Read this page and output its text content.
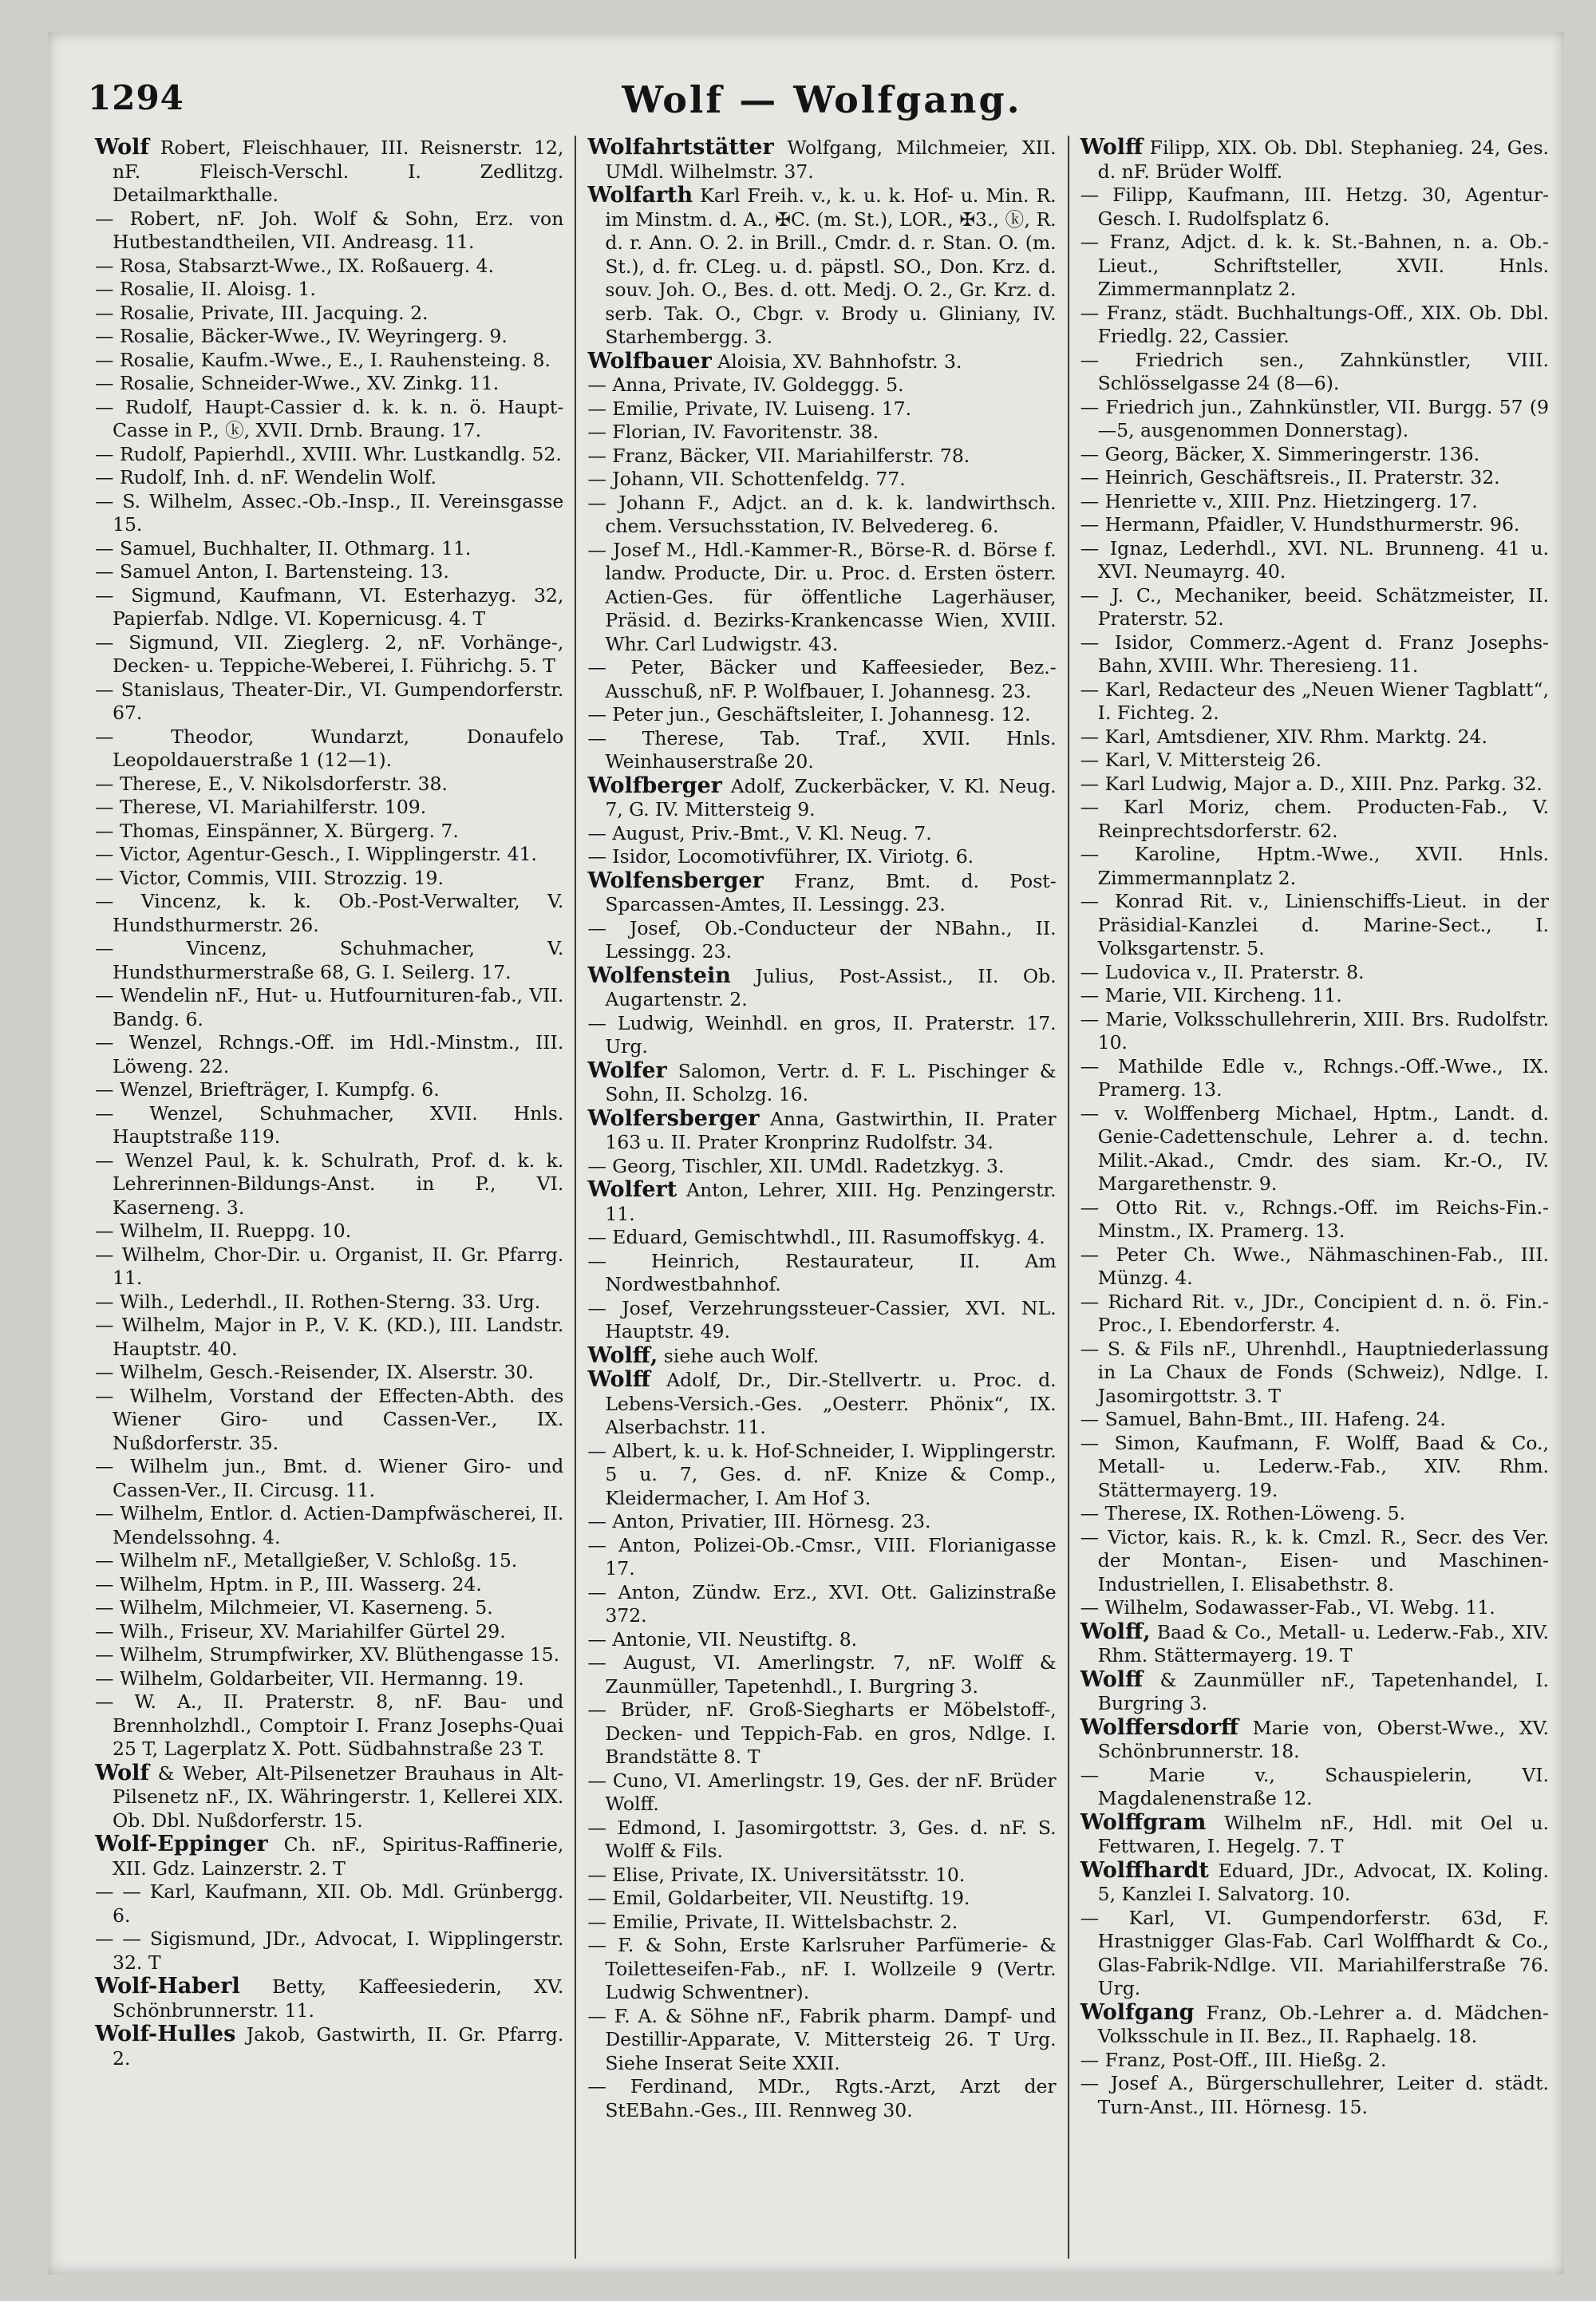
1294	Wolf — Wolfgang.

Wolf Robert, Fleischhauer, III. Reisnerstr. 12, nF. Fleisch-Verschl. I. Zedlitzg. Detailmarkthalle.

— Robert, nF. Joh. Wolf & Sohn, Erz. von Hutbestandtheilen, VII. Andreasg. 11.

— Rosa, Stabsarzt-Wwe., IX. Roßauerg. 4.

— Rosalie, II. Aloisg. 1.

— Rosalie, Private, III. Jacquing. 2.

— Rosalie, Bäcker-Wwe., IV. Weyringerg. 9.

— Rosalie, Kaufm.-Wwe., E., I. Rauhensteing. 8.

— Rosalie, Schneider-Wwe., XV. Zinkg. 11.

— Rudolf, Haupt-Cassier d. k. k. n. ö. Haupt-Casse in P., ⓚ, XVII. Drnb. Braung. 17.

— Rudolf, Papierhdl., XVIII. Whr. Lustkandlg. 52.

— Rudolf, Inh. d. nF. Wendelin Wolf.

— S. Wilhelm, Assec.-Ob.-Insp., II. Vereinsgasse 15.

— Samuel, Buchhalter, II. Othmarg. 11.

— Samuel Anton, I. Bartensteing. 13.

— Sigmund, Kaufmann, VI. Esterhazyg. 32, Papierfab. Ndlge. VI. Kopernicusg. 4. T

— Sigmund, VII. Zieglerg. 2, nF. Vorhänge-, Decken- u. Teppiche-Weberei, I. Führichg. 5. T

— Stanislaus, Theater-Dir., VI. Gumpendorferstr. 67.

— Theodor, Wundarzt, Donaufelo Leopoldauerstraße 1 (12—1).

— Therese, E., V. Nikolsdorferstr. 38.

— Therese, VI. Mariahilferstr. 109.

— Thomas, Einspänner, X. Bürgerg. 7.

— Victor, Agentur-Gesch., I. Wipplingerstr. 41.

— Victor, Commis, VIII. Strozzig. 19.

— Vincenz, k. k. Ob.-Post-Verwalter, V. Hundsthurmerstr. 26.

— Vincenz, Schuhmacher, V. Hundsthurmerstraße 68, G. I. Seilerg. 17.

— Wendelin nF., Hut- u. Hutfournituren-fab., VII. Bandg. 6.

— Wenzel, Rchngs.-Off. im Hdl.-Minstm., III. Löweng. 22.

— Wenzel, Briefträger, I. Kumpfg. 6.

— Wenzel, Schuhmacher, XVII. Hnls. Hauptstraße 119.

— Wenzel Paul, k. k. Schulrath, Prof. d. k. k. Lehrerinnen-Bildungs-Anst. in P., VI. Kaserneng. 3.

— Wilhelm, II. Rueppg. 10.

— Wilhelm, Chor-Dir. u. Organist, II. Gr. Pfarrg. 11.

— Wilh., Lederhdl., II. Rothen-Sterng. 33. Urg.

— Wilhelm, Major in P., V. K. (KD.), III. Landstr. Hauptstr. 40.

— Wilhelm, Gesch.-Reisender, IX. Alserstr. 30.

— Wilhelm, Vorstand der Effecten-Abth. des Wiener Giro- und Cassen-Ver., IX. Nußdorferstr. 35.

— Wilhelm jun., Bmt. d. Wiener Giro- und Cassen-Ver., II. Circusg. 11.

— Wilhelm, Entlor. d. Actien-Dampfwäscherei, II. Mendelssohng. 4.

— Wilhelm nF., Metallgießer, V. Schloßg. 15.

— Wilhelm, Hptm. in P., III. Wasserg. 24.

— Wilhelm, Milchmeier, VI. Kaserneng. 5.

— Wilh., Friseur, XV. Mariahilfer Gürtel 29.

— Wilhelm, Strumpfwirker, XV. Blüthengasse 15.

— Wilhelm, Goldarbeiter, VII. Hermanng. 19.

— W. A., II. Praterstr. 8, nF. Bau- und Brennholzhdl., Comptoir I. Franz Josephs-Quai 25 T, Lagerplatz X. Pott. Südbahnstraße 23 T.

Wolf & Weber, Alt-Pilsenetzer Brauhaus in Alt-Pilsenetz nF., IX. Währingerstr. 1, Kellerei XIX. Ob. Dbl. Nußdorferstr. 15.

Wolf-Eppinger Ch. nF., Spiritus-Raffinerie, XII. Gdz. Lainzerstr. 2. T

— — Karl, Kaufmann, XII. Ob. Mdl. Grünbergg. 6.

— — Sigismund, JDr., Advocat, I. Wipplingerstr. 32. T

Wolf-Haberl Betty, Kaffeesiederin, XV. Schönbrunnerstr. 11.

Wolf-Hulles Jakob, Gastwirth, II. Gr. Pfarrg. 2.

Wolfahrtstätter Wolfgang, Milchmeier, XII. UMdl. Wilhelmstr. 37.

Wolfarth Karl Freih. v., k. u. k. Hof- u. Min. R. im Minstm. d. A., ✠C. (m. St.), LOR., ✠3., ⓚ, R. d. r. Ann. O. 2. in Brill., Cmdr. d. r. Stan. O. (m. St.), d. fr. CLeg. u. d. päpstl. SO., Don. Krz. d. souv. Joh. O., Bes. d. ott. Medj. O. 2., Gr. Krz. d. serb. Tak. O., Cbgr. v. Brody u. Gliniany, IV. Starhembergg. 3.

Wolfbauer Aloisia, XV. Bahnhofstr. 3.

— Anna, Private, IV. Goldeggg. 5.

— Emilie, Private, IV. Luiseng. 17.

— Florian, IV. Favoritenstr. 38.

— Franz, Bäcker, VII. Mariahilferstr. 78.

— Johann, VII. Schottenfeldg. 77.

— Johann F., Adjct. an d. k. k. landwirthsch. chem. Versuchsstation, IV. Belvedereg. 6.

— Josef M., Hdl.-Kammer-R., Börse-R. d. Börse f. landw. Producte, Dir. u. Proc. d. Ersten österr. Actien-Ges. für öffentliche Lagerhäuser, Präsid. d. Bezirks-Krankencasse Wien, XVIII. Whr. Carl Ludwigstr. 43.

— Peter, Bäcker und Kaffeesieder, Bez.-Ausschuß, nF. P. Wolfbauer, I. Johannesg. 23.

— Peter jun., Geschäftsleiter, I. Johannesg. 12.

— Therese, Tab. Traf., XVII. Hnls. Weinhauserstraße 20.

Wolfberger Adolf, Zuckerbäcker, V. Kl. Neug. 7, G. IV. Mittersteig 9.

— August, Priv.-Bmt., V. Kl. Neug. 7.

— Isidor, Locomotivführer, IX. Viriotg. 6.

Wolfensberger Franz, Bmt. d. Post-Sparcassen-Amtes, II. Lessingg. 23.

— Josef, Ob.-Conducteur der NBahn., II. Lessingg. 23.

Wolfenstein Julius, Post-Assist., II. Ob. Augartenstr. 2.

— Ludwig, Weinhdl. en gros, II. Praterstr. 17. Urg.

Wolfer Salomon, Vertr. d. F. L. Pischinger & Sohn, II. Scholzg. 16.

Wolfersberger Anna, Gastwirthin, II. Prater 163 u. II. Prater Kronprinz Rudolfstr. 34.

— Georg, Tischler, XII. UMdl. Radetzkyg. 3.

Wolfert Anton, Lehrer, XIII. Hg. Penzingerstr. 11.

— Eduard, Gemischtwhdl., III. Rasumoffskyg. 4.

— Heinrich, Restaurateur, II. Am Nordwestbahnhof.

— Josef, Verzehrungssteuer-Cassier, XVI. NL. Hauptstr. 49.

Wolff, siehe auch Wolf.

Wolff Adolf, Dr., Dir.-Stellvertr. u. Proc. d. Lebens-Versich.-Ges. „Oesterr. Phönix“, IX. Alserbachstr. 11.

— Albert, k. u. k. Hof-Schneider, I. Wipplingerstr. 5 u. 7, Ges. d. nF. Knize & Comp., Kleidermacher, I. Am Hof 3.

— Anton, Privatier, III. Hörnesg. 23.

— Anton, Polizei-Ob.-Cmsr., VIII. Florianigasse 17.

— Anton, Zündw. Erz., XVI. Ott. Galizinstraße 372.

— Antonie, VII. Neustiftg. 8.

— August, VI. Amerlingstr. 7, nF. Wolff & Zaunmüller, Tapetenhdl., I. Burgring 3.

— Brüder, nF. Groß-Siegharts er Möbelstoff-, Decken- und Teppich-Fab. en gros, Ndlge. I. Brandstätte 8. T

— Cuno, VI. Amerlingstr. 19, Ges. der nF. Brüder Wolff.

— Edmond, I. Jasomirgottstr. 3, Ges. d. nF. S. Wolff & Fils.

— Elise, Private, IX. Universitätsstr. 10.

— Emil, Goldarbeiter, VII. Neustiftg. 19.

— Emilie, Private, II. Wittelsbachstr. 2.

— F. & Sohn, Erste Karlsruher Parfümerie- & Toiletteseifen-Fab., nF. I. Wollzeile 9 (Vertr. Ludwig Schwentner).

— F. A. & Söhne nF., Fabrik pharm. Dampf- und Destillir-Apparate, V. Mittersteig 26. T Urg. Siehe Inserat Seite XXII.

— Ferdinand, MDr., Rgts.-Arzt, Arzt der StEBahn.-Ges., III. Rennweg 30.

Wolff Filipp, XIX. Ob. Dbl. Stephanieg. 24, Ges. d. nF. Brüder Wolff.

— Filipp, Kaufmann, III. Hetzg. 30, Agentur-Gesch. I. Rudolfsplatz 6.

— Franz, Adjct. d. k. k. St.-Bahnen, n. a. Ob.-Lieut., Schriftsteller, XVII. Hnls. Zimmermannplatz 2.

— Franz, städt. Buchhaltungs-Off., XIX. Ob. Dbl. Friedlg. 22, Cassier.

— Friedrich sen., Zahnkünstler, VIII. Schlösselgasse 24 (8—6).

— Friedrich jun., Zahnkünstler, VII. Burgg. 57 (9—5, ausgenommen Donnerstag).

— Georg, Bäcker, X. Simmeringerstr. 136.

— Heinrich, Geschäftsreis., II. Praterstr. 32.

— Henriette v., XIII. Pnz. Hietzingerg. 17.

— Hermann, Pfaidler, V. Hundsthurmerstr. 96.

— Ignaz, Lederhdl., XVI. NL. Brunneng. 41 u. XVI. Neumayrg. 40.

— J. C., Mechaniker, beeid. Schätzmeister, II. Praterstr. 52.

— Isidor, Commerz.-Agent d. Franz Josephs-Bahn, XVIII. Whr. Theresieng. 11.

— Karl, Redacteur des „Neuen Wiener Tagblatt“, I. Fichteg. 2.

— Karl, Amtsdiener, XIV. Rhm. Marktg. 24.

— Karl, V. Mittersteig 26.

— Karl Ludwig, Major a. D., XIII. Pnz. Parkg. 32.

— Karl Moriz, chem. Producten-Fab., V. Reinprechtsdorferstr. 62.

— Karoline, Hptm.-Wwe., XVII. Hnls. Zimmermannplatz 2.

— Konrad Rit. v., Linienschiffs-Lieut. in der Präsidial-Kanzlei d. Marine-Sect., I. Volksgartenstr. 5.

— Ludovica v., II. Praterstr. 8.

— Marie, VII. Kircheng. 11.

— Marie, Volksschullehrerin, XIII. Brs. Rudolfstr. 10.

— Mathilde Edle v., Rchngs.-Off.-Wwe., IX. Pramerg. 13.

— v. Wolffenberg Michael, Hptm., Landt. d. Genie-Cadettenschule, Lehrer a. d. techn. Milit.-Akad., Cmdr. des siam. Kr.-O., IV. Margarethenstr. 9.

— Otto Rit. v., Rchngs.-Off. im Reichs-Fin.-Minstm., IX. Pramerg. 13.

— Peter Ch. Wwe., Nähmaschinen-Fab., III. Münzg. 4.

— Richard Rit. v., JDr., Concipient d. n. ö. Fin.-Proc., I. Ebendorferstr. 4.

— S. & Fils nF., Uhrenhdl., Hauptniederlassung in La Chaux de Fonds (Schweiz), Ndlge. I. Jasomirgottstr. 3. T

— Samuel, Bahn-Bmt., III. Hafeng. 24.

— Simon, Kaufmann, F. Wolff, Baad & Co., Metall- u. Lederw.-Fab., XIV. Rhm. Stättermayerg. 19.

— Therese, IX. Rothen-Löweng. 5.

— Victor, kais. R., k. k. Cmzl. R., Secr. des Ver. der Montan-, Eisen- und Maschinen-Industriellen, I. Elisabethstr. 8.

— Wilhelm, Sodawasser-Fab., VI. Webg. 11.

Wolff, Baad & Co., Metall- u. Lederw.-Fab., XIV. Rhm. Stättermayerg. 19. T

Wolff & Zaunmüller nF., Tapetenhandel, I. Burgring 3.

Wolffersdorff Marie von, Oberst-Wwe., XV. Schönbrunnerstr. 18.

— Marie v., Schauspielerin, VI. Magdalenenstraße 12.

Wolffgram Wilhelm nF., Hdl. mit Oel u. Fettwaren, I. Hegelg. 7. T

Wolffhardt Eduard, JDr., Advocat, IX. Koling. 5, Kanzlei I. Salvatorg. 10.

— Karl, VI. Gumpendorferstr. 63d, F. Hrastnigger Glas-Fab. Carl Wolffhardt & Co., Glas-Fabrik-Ndlge. VII. Mariahilferstraße 76. Urg.

Wolfgang Franz, Ob.-Lehrer a. d. Mädchen-Volksschule in II. Bez., II. Raphaelg. 18.

— Franz, Post-Off., III. Hießg. 2.

— Josef A., Bürgerschullehrer, Leiter d. städt. Turn-Anst., III. Hörnesg. 15.
